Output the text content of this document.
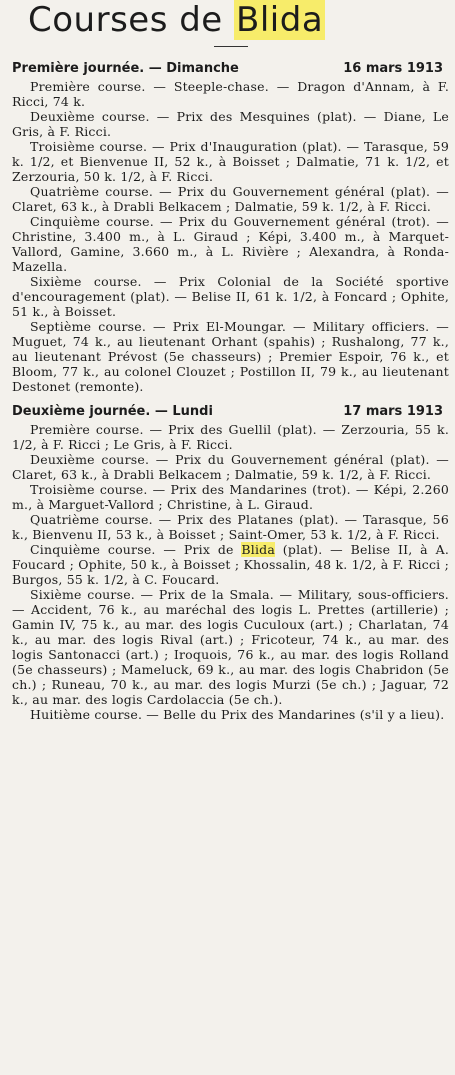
Courses de Blida
Première journée. — Dimanche	16 mars 1913

Première course. — Steeple-chase. — Dragon d'Annam, à F. Ricci, 74 k.

Deuxième course. — Prix des Mesquines (plat). — Diane, Le Gris, à F. Ricci.

Troisième course. — Prix d'Inauguration (plat). — Tarasque, 59 k. 1/2, et Bienvenue II, 52 k., à Boisset ; Dalmatie, 71 k. 1/2, et Zerzouria, 50 k. 1/2, à F. Ricci.

Quatrième course. — Prix du Gouvernement général (plat). — Claret, 63 k., à Drabli Belkacem ; Dalmatie, 59 k. 1/2, à F. Ricci.

Cinquième course. — Prix du Gouvernement général (trot). — Christine, 3.400 m., à L. Giraud ; Képi, 3.400 m., à Marquet-Vallord, Gamine, 3.660 m., à L. Rivière ; Alexandra, à Ronda-Mazella.

Sixième course. — Prix Colonial de la Société sportive d'encouragement (plat). — Belise II, 61 k. 1/2, à Foncard ; Ophite, 51 k., à Boisset.

Septième course. — Prix El-Moungar. — Military officiers. — Muguet, 74 k., au lieutenant Orhant (spahis) ; Rushalong, 77 k., au lieutenant Prévost (5e chasseurs) ; Premier Espoir, 76 k., et Bloom, 77 k., au colonel Clouzet ; Postillon II, 79 k., au lieutenant Destonet (remonte).

Deuxième journée. — Lundi	17 mars 1913

Première course. — Prix des Guellil (plat). — Zerzouria, 55 k. 1/2, à F. Ricci ; Le Gris, à F. Ricci.

Deuxième course. — Prix du Gouvernement général (plat). — Claret, 63 k., à Drabli Belkacem ; Dalmatie, 59 k. 1/2, à F. Ricci.

Troisième course. — Prix des Mandarines (trot). — Képi, 2.260 m., à Marguet-Vallord ; Christine, à L. Giraud.

Quatrième course. — Prix des Platanes (plat). — Tarasque, 56 k., Bienvenu II, 53 k., à Boisset ; Saint-Omer, 53 k. 1/2, à F. Ricci.

Cinquième course. — Prix de Blida (plat). — Belise II, à A. Foucard ; Ophite, 50 k., à Boisset ; Khossalin, 48 k. 1/2, à F. Ricci ; Burgos, 55 k. 1/2, à C. Foucard.

Sixième course. — Prix de la Smala. — Military, sous-officiers. — Accident, 76 k., au maréchal des logis L. Prettes (artillerie) ; Gamin IV, 75 k., au mar. des logis Cuculoux (art.) ; Charlatan, 74 k., au mar. des logis Rival (art.) ; Fricoteur, 74 k., au mar. des logis Santonacci (art.) ; Iroquois, 76 k., au mar. des logis Rolland (5e chasseurs) ; Mameluck, 69 k., au mar. des logis Chabridon (5e ch.) ; Runeau, 70 k., au mar. des logis Murzi (5e ch.) ; Jaguar, 72 k., au mar. des logis Cardolaccia (5e ch.).

Huitième course. — Belle du Prix des Mandarines (s'il y a lieu).
